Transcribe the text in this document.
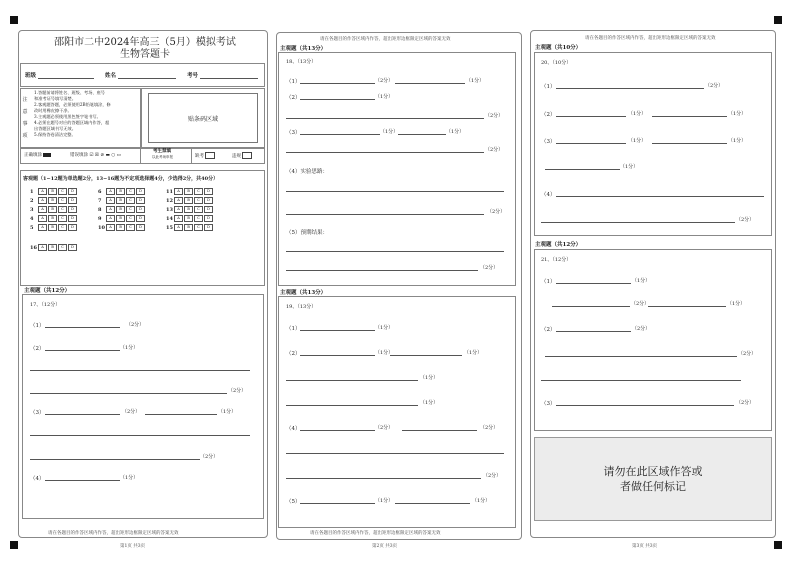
邵阳市二中2024年高三（5月）模拟考试
生物答题卡
班级	姓名	考号
注
意
事
项
1.答题前请将姓名、班级、考场、座号
和准考证号填写清楚。
2.客观题答题，必须使用2B铅笔填涂，修
改时用橡皮擦干净。
3.主观题必须使用黑色签字笔书写。
4.必须在题号对应的答题区域内作答，超
出答题区域书写无效。
5.保持答卷清洁完整。
贴条码区域
正确填涂	错误填涂 ☑ ☒ ⊘ ▬ ○ ▭
考生禁填
以此考场申报	缺考	违规
客观题（1~12题为单选题2分，13~16题为不定项选择题4分，少选得2分，共40分）
1 A B C D
2 A B C D
3 A B C D
4 A B C D
5 A B C D
6 A B C D
7 A B C D
8 A B C D
9 A B C D
10 A B C D
11 A B C D
12 A B C D
13 A B C D
14 A B C D
15 A B C D
16 A B C D
主观题（共12分）
17、（12分）
（1）	（2分）
（2）	（1分）
（2分）
（3）	（2分）	（1分）
（2分）
（4）	（1分）
请在各题目的作答区域内作答，超出矩形边框限定区域的答案无效
第1页 共3页
请在各题目的作答区域内作答，超出矩形边框限定区域的答案无效
主观题（共13分）
18、（13分）
（1）	（2分）	（1分）
（2）	（1分）
（2分）
（3）	（1分）	（1分）
（2分）
（4）实验思路：
（2分）
（5）预期结果：
（2分）
主观题（共13分）
19、（13分）
（1）	（1分）
（2）	（1分）	（1分）
（1分）
（1分）
（4）	（2分）	（2分）
（2分）
（5）	（1分）	（1分）
请在各题目的作答区域内作答，超出矩形边框限定区域的答案无效
第2页 共3页
请在各题目的作答区域内作答，超出矩形边框限定区域的答案无效
主观题（共10分）
20、（10分）
（1）	（2分）
（2）	（1分）	（1分）
（3）	（1分）	（1分）
（1分）
（4）
（2分）
主观题（共12分）
21、（12分）
（1）	（1分）
（2分）	（1分）
（2）	（2分）
（2分）
（3）	（2分）
请勿在此区域作答或
者做任何标记
第3页 共3页
